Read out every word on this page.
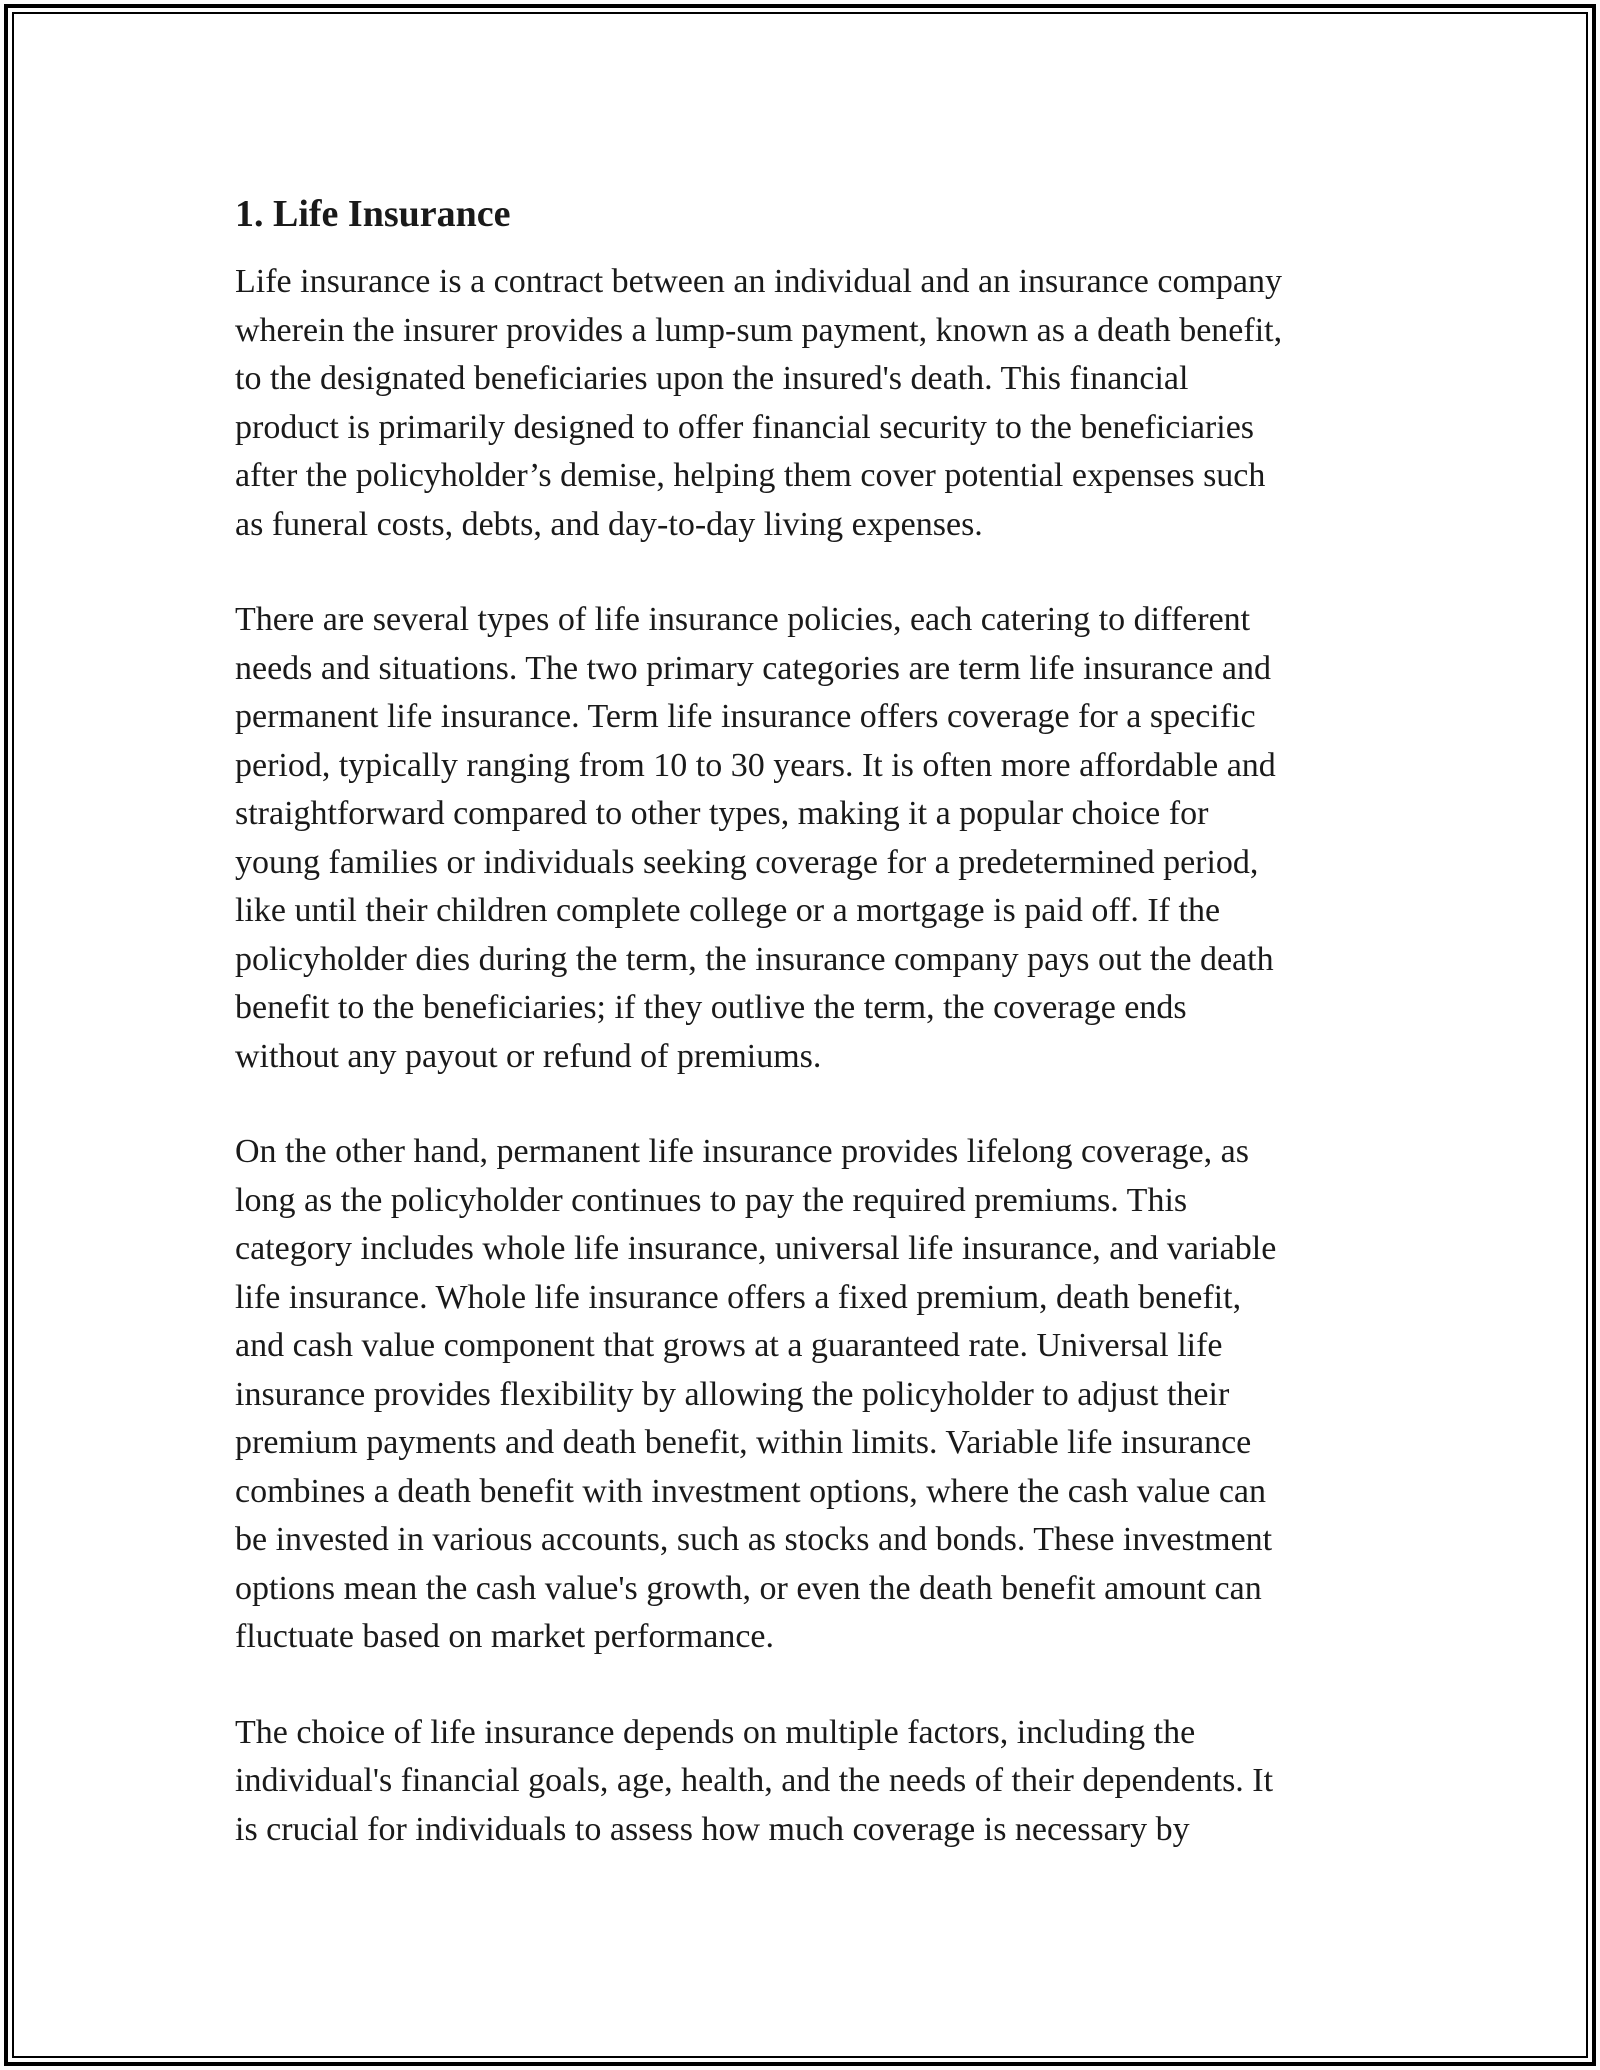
1. Life Insurance

Life insurance is a contract between an individual and an insurance company
wherein the insurer provides a lump-sum payment, known as a death benefit,
to the designated beneficiaries upon the insured's death. This financial
product is primarily designed to offer financial security to the beneficiaries
after the policyholder’s demise, helping them cover potential expenses such
as funeral costs, debts, and day-to-day living expenses.

There are several types of life insurance policies, each catering to different
needs and situations. The two primary categories are term life insurance and
permanent life insurance. Term life insurance offers coverage for a specific
period, typically ranging from 10 to 30 years. It is often more affordable and
straightforward compared to other types, making it a popular choice for
young families or individuals seeking coverage for a predetermined period,
like until their children complete college or a mortgage is paid off. If the
policyholder dies during the term, the insurance company pays out the death
benefit to the beneficiaries; if they outlive the term, the coverage ends
without any payout or refund of premiums.

On the other hand, permanent life insurance provides lifelong coverage, as
long as the policyholder continues to pay the required premiums. This
category includes whole life insurance, universal life insurance, and variable
life insurance. Whole life insurance offers a fixed premium, death benefit,
and cash value component that grows at a guaranteed rate. Universal life
insurance provides flexibility by allowing the policyholder to adjust their
premium payments and death benefit, within limits. Variable life insurance
combines a death benefit with investment options, where the cash value can
be invested in various accounts, such as stocks and bonds. These investment
options mean the cash value's growth, or even the death benefit amount can
fluctuate based on market performance.

The choice of life insurance depends on multiple factors, including the
individual's financial goals, age, health, and the needs of their dependents. It
is crucial for individuals to assess how much coverage is necessary by
